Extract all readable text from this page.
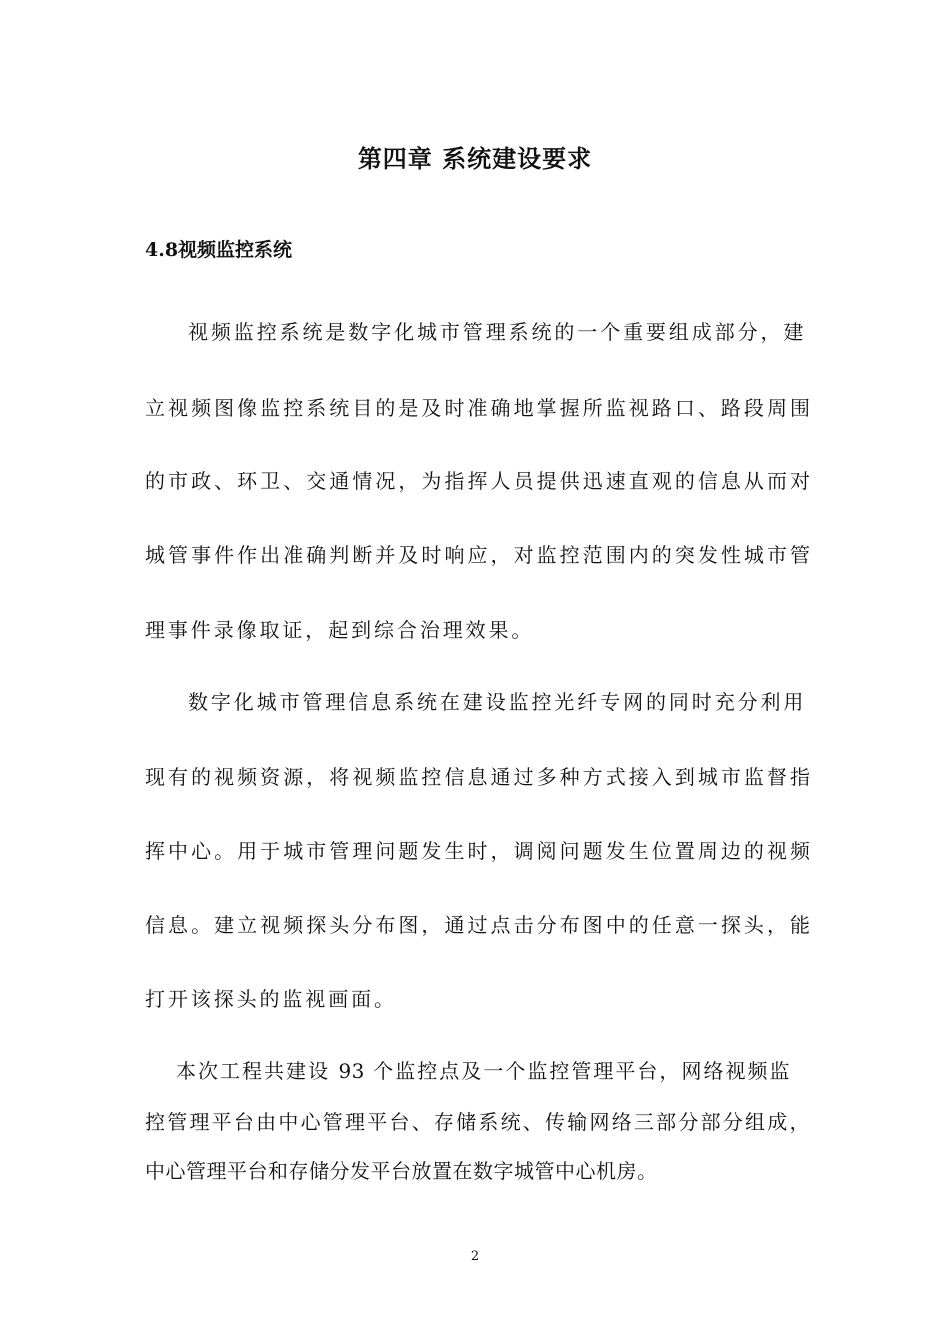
第四章 系统建设要求
4.8视频监控系统
视频监控系统是数字化城市管理系统的一个重要组成部分，建
立视频图像监控系统目的是及时准确地掌握所监视路口、路段周围
的市政、环卫、交通情况，为指挥人员提供迅速直观的信息从而对
城管事件作出准确判断并及时响应，对监控范围内的突发性城市管
理事件录像取证，起到综合治理效果。
数字化城市管理信息系统在建设监控光纤专网的同时充分利用
现有的视频资源，将视频监控信息通过多种方式接入到城市监督指
挥中心。用于城市管理问题发生时，调阅问题发生位置周边的视频
信息。建立视频探头分布图，通过点击分布图中的任意一探头，能
打开该探头的监视画面。
本次工程共建设 93 个监控点及一个监控管理平台，网络视频监
控管理平台由中心管理平台、存储系统、传输网络三部分部分组成，
中心管理平台和存储分发平台放置在数字城管中心机房。
2
